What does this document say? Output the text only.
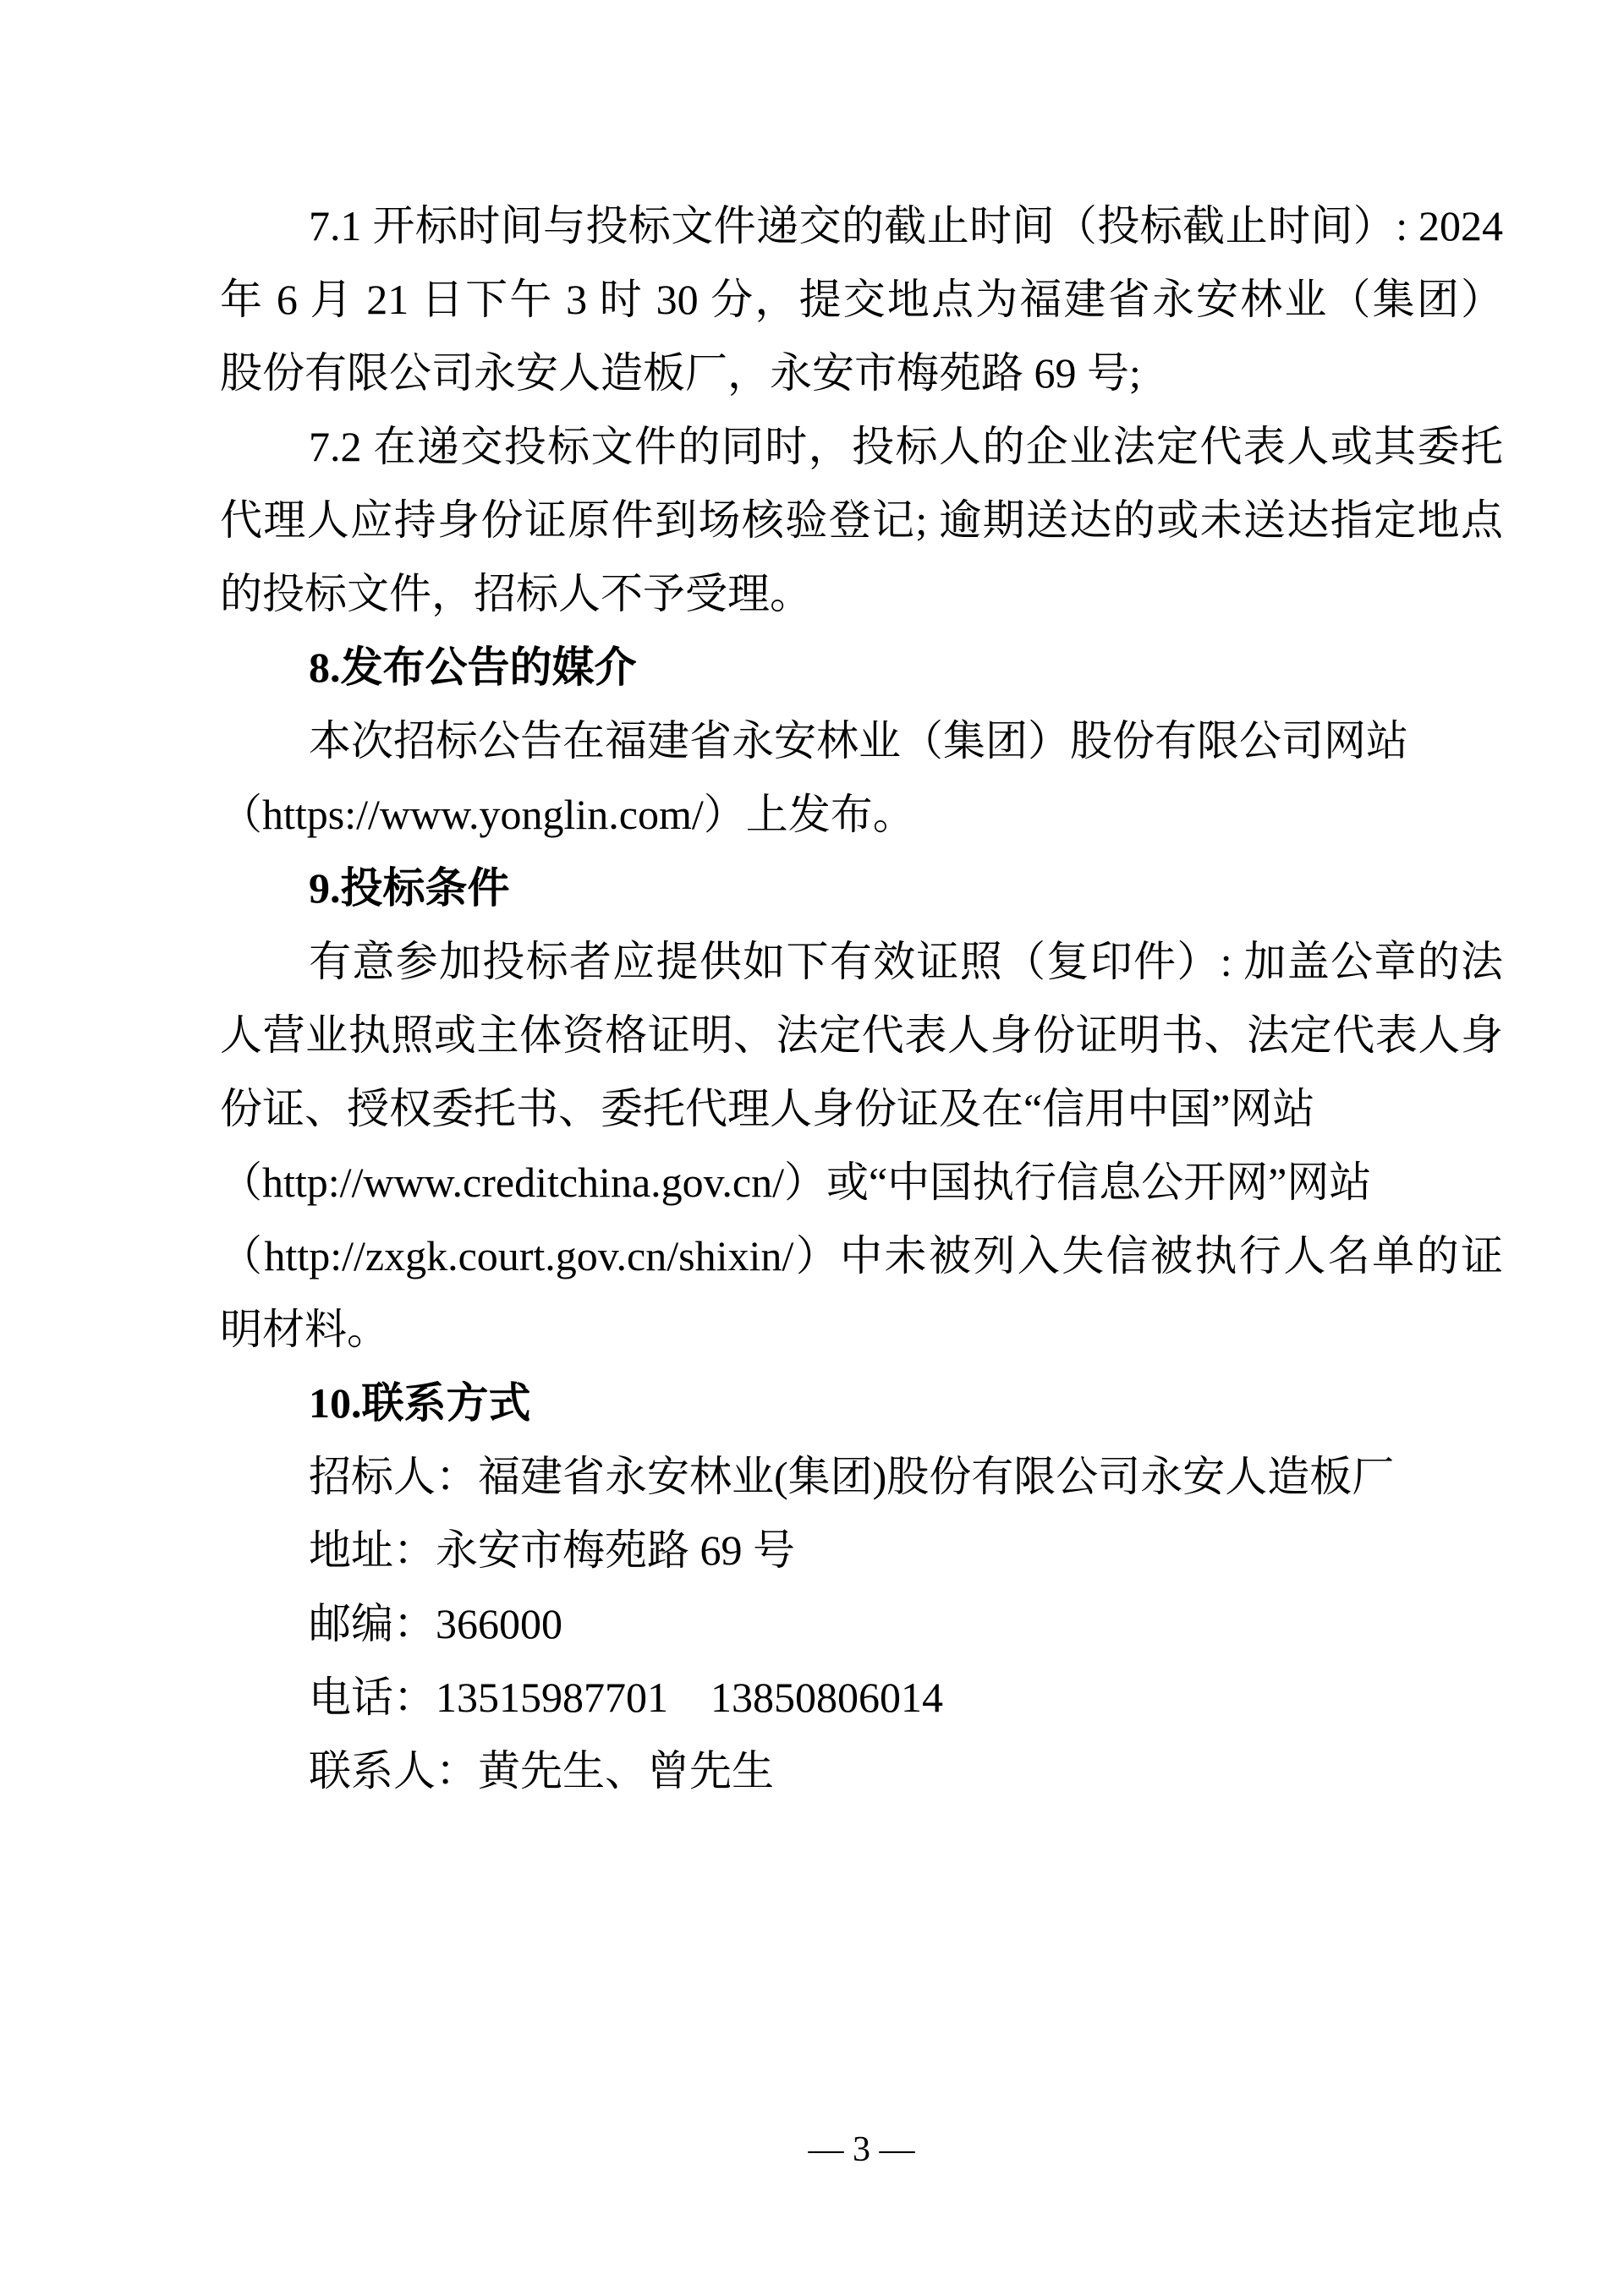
7.1 开标时间与投标文件递交的截止时间（投标截止时间）: 2024
年 6 月 21 日下午 3 时 30 分，提交地点为福建省永安林业（集团）
股份有限公司永安人造板厂，永安市梅苑路 69 号;
7.2 在递交投标文件的同时，投标人的企业法定代表人或其委托
代理人应持身份证原件到场核验登记; 逾期送达的或未送达指定地点
的投标文件，招标人不予受理。
8.发布公告的媒介
本次招标公告在福建省永安林业（集团）股份有限公司网站
（https://www.yonglin.com/）上发布。
9.投标条件
有意参加投标者应提供如下有效证照（复印件）: 加盖公章的法
人营业执照或主体资格证明、法定代表人身份证明书、法定代表人身
份证、授权委托书、委托代理人身份证及在“信用中国”网站
（http://www.creditchina.gov.cn/）或“中国执行信息公开网”网站
（http://zxgk.court.gov.cn/shixin/）中未被列入失信被执行人名单的证
明材料。
10.联系方式
招标人：福建省永安林业(集团)股份有限公司永安人造板厂
地址：永安市梅苑路 69 号
邮编：366000
电话：13515987701　13850806014
联系人：黄先生、曾先生
— 3 —
